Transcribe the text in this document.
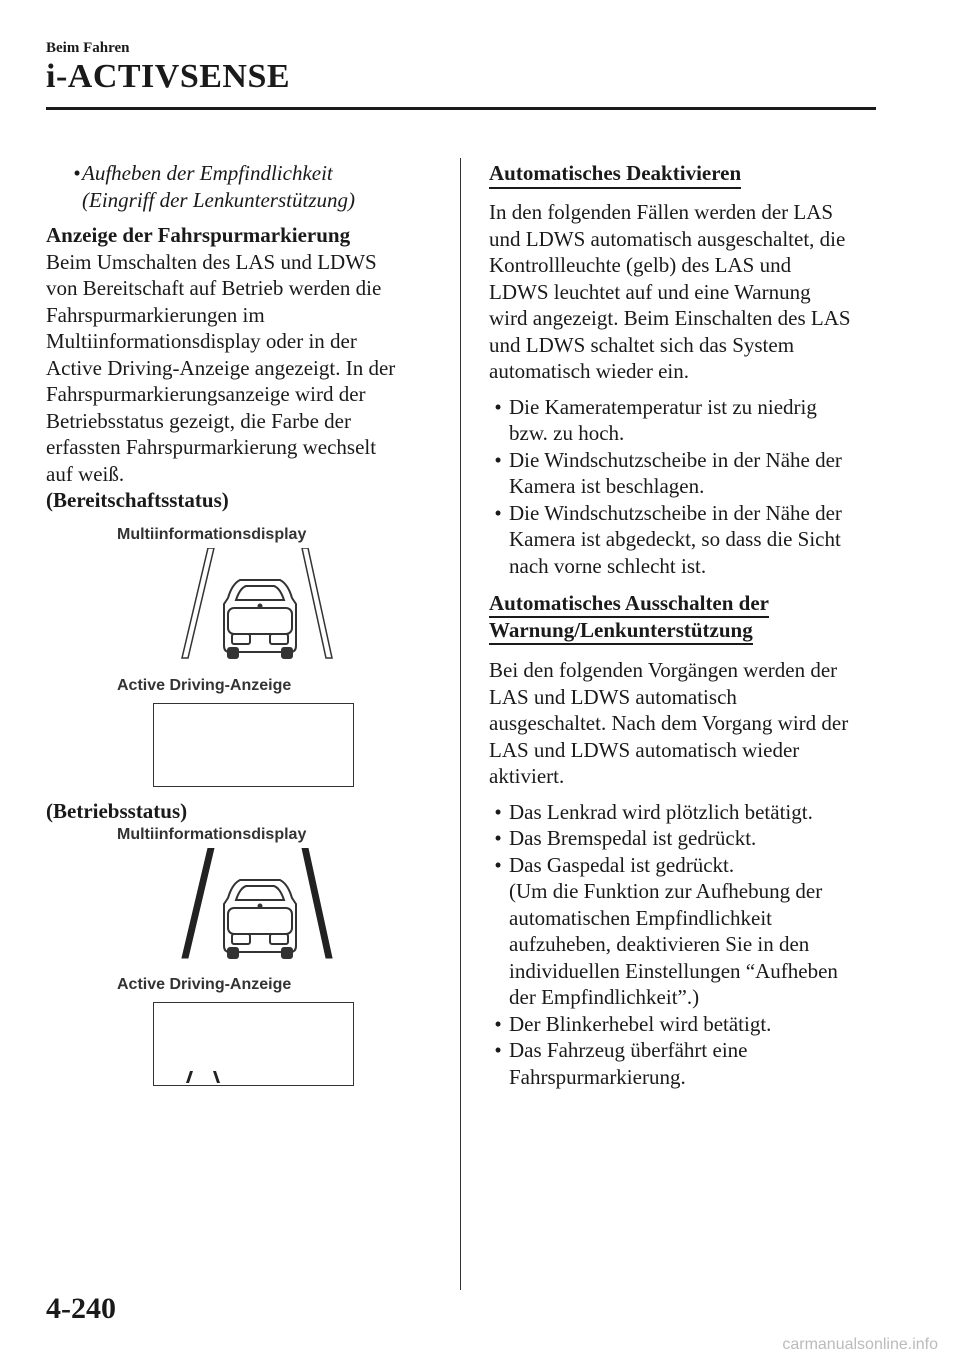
Beim Fahren
i-ACTIVSENSE
• Aufheben der Empfindlichkeit
(Eingriff der Lenkunterstützung)
Anzeige der Fahrspurmarkierung
Beim Umschalten des LAS und LDWS
von Bereitschaft auf Betrieb werden die
Fahrspurmarkierungen im
Multiinformationsdisplay oder in der
Active Driving-Anzeige angezeigt. In der
Fahrspurmarkierungsanzeige wird der
Betriebsstatus gezeigt, die Farbe der
erfassten Fahrspurmarkierung wechselt
auf weiß.
(Bereitschaftsstatus)
Multiinformationsdisplay
Active Driving-Anzeige
(Betriebsstatus)
Multiinformationsdisplay
Active Driving-Anzeige
Automatisches Deaktivieren
In den folgenden Fällen werden der LAS
und LDWS automatisch ausgeschaltet, die
Kontrollleuchte (gelb) des LAS und
LDWS leuchtet auf und eine Warnung
wird angezeigt. Beim Einschalten des LAS
und LDWS schaltet sich das System
automatisch wieder ein.
• Die Kameratemperatur ist zu niedrig
bzw. zu hoch.
• Die Windschutzscheibe in der Nähe der
Kamera ist beschlagen.
• Die Windschutzscheibe in der Nähe der
Kamera ist abgedeckt, so dass die Sicht
nach vorne schlecht ist.
Automatisches Ausschalten der
Warnung/Lenkunterstützung
Bei den folgenden Vorgängen werden der
LAS und LDWS automatisch
ausgeschaltet. Nach dem Vorgang wird der
LAS und LDWS automatisch wieder
aktiviert.
• Das Lenkrad wird plötzlich betätigt.
• Das Bremspedal ist gedrückt.
• Das Gaspedal ist gedrückt.
(Um die Funktion zur Aufhebung der
automatischen Empfindlichkeit
aufzuheben, deaktivieren Sie in den
individuellen Einstellungen “Aufheben
der Empfindlichkeit”.)
• Der Blinkerhebel wird betätigt.
• Das Fahrzeug überfährt eine
Fahrspurmarkierung.
4-240
carmanualsonline.info
